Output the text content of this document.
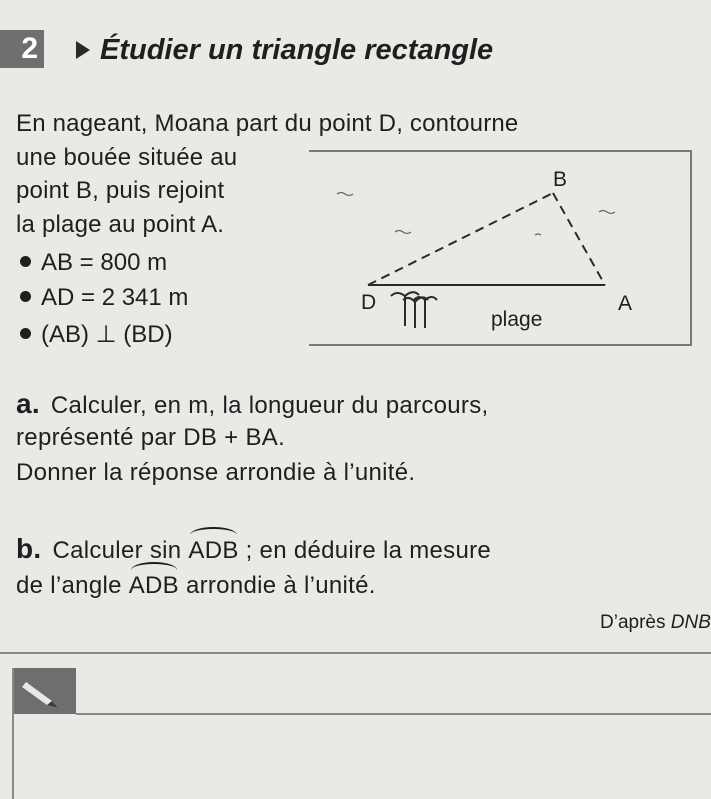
2 Étudier un triangle rectangle
En nageant, Moana part du point D, contourne
une bouée située au
point B, puis rejoint
la plage au point A.
AB = 800 m
AD = 2 341 m
(AB) ⊥ (BD)
B
D	A
plage
a. Calculer, en m, la longueur du parcours,
représenté par DB + BA.
Donner la réponse arrondie à l’unité.
b. Calculer sin ADB ; en déduire la mesure
de l’angle ADB arrondie à l’unité.
D’après DNB
